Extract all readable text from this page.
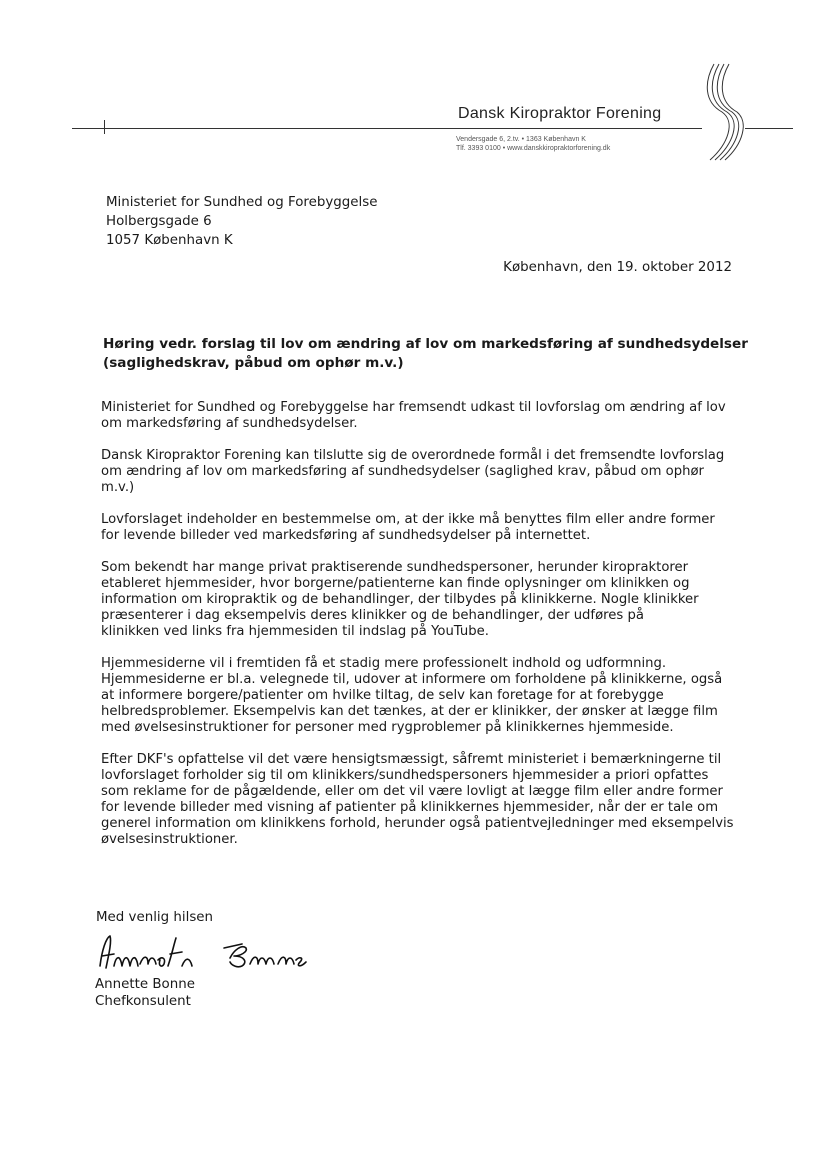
Dansk Kiropraktor Forening
Vendersgade 6, 2.tv. • 1363 København K
Tlf. 3393 0100 • www.danskkiropraktorforening.dk
Ministeriet for Sundhed og Forebyggelse
Holbergsgade 6
1057 København K
København, den 19. oktober 2012
Høring vedr. forslag til lov om ændring af lov om markedsføring af sundhedsydelser
(saglighedskrav, påbud om ophør m.v.)

Ministeriet for Sundhed og Forebyggelse har fremsendt udkast til lovforslag om ændring af lov
om markedsføring af sundhedsydelser.

Dansk Kiropraktor Forening kan tilslutte sig de overordnede formål i det fremsendte lovforslag
om ændring af lov om markedsføring af sundhedsydelser (saglighed krav, påbud om ophør
m.v.)

Lovforslaget indeholder en bestemmelse om, at der ikke må benyttes film eller andre former
for levende billeder ved markedsføring af sundhedsydelser på internettet.

Som bekendt har mange privat praktiserende sundhedspersoner, herunder kiropraktorer
etableret hjemmesider, hvor borgerne/patienterne kan finde oplysninger om klinikken og
information om kiropraktik og de behandlinger, der tilbydes på klinikkerne. Nogle klinikker
præsenterer i dag eksempelvis deres klinikker og de behandlinger, der udføres på
klinikken ved links fra hjemmesiden til indslag på YouTube.

Hjemmesiderne vil i fremtiden få et stadig mere professionelt indhold og udformning.
Hjemmesiderne er bl.a. velegnede til, udover at informere om forholdene på klinikkerne, også
at informere borgere/patienter om hvilke tiltag, de selv kan foretage for at forebygge
helbredsproblemer. Eksempelvis kan det tænkes, at der er klinikker, der ønsker at lægge film
med øvelsesinstruktioner for personer med rygproblemer på klinikkernes hjemmeside.

Efter DKF's opfattelse vil det være hensigtsmæssigt, såfremt ministeriet i bemærkningerne til
lovforslaget forholder sig til om klinikkers/sundhedspersoners hjemmesider a priori opfattes
som reklame for de pågældende, eller om det vil være lovligt at lægge film eller andre former
for levende billeder med visning af patienter på klinikkernes hjemmesider, når der er tale om
generel information om klinikkens forhold, herunder også patientvejledninger med eksempelvis
øvelsesinstruktioner.

Med venlig hilsen
Annette Bonne
Chefkonsulent
